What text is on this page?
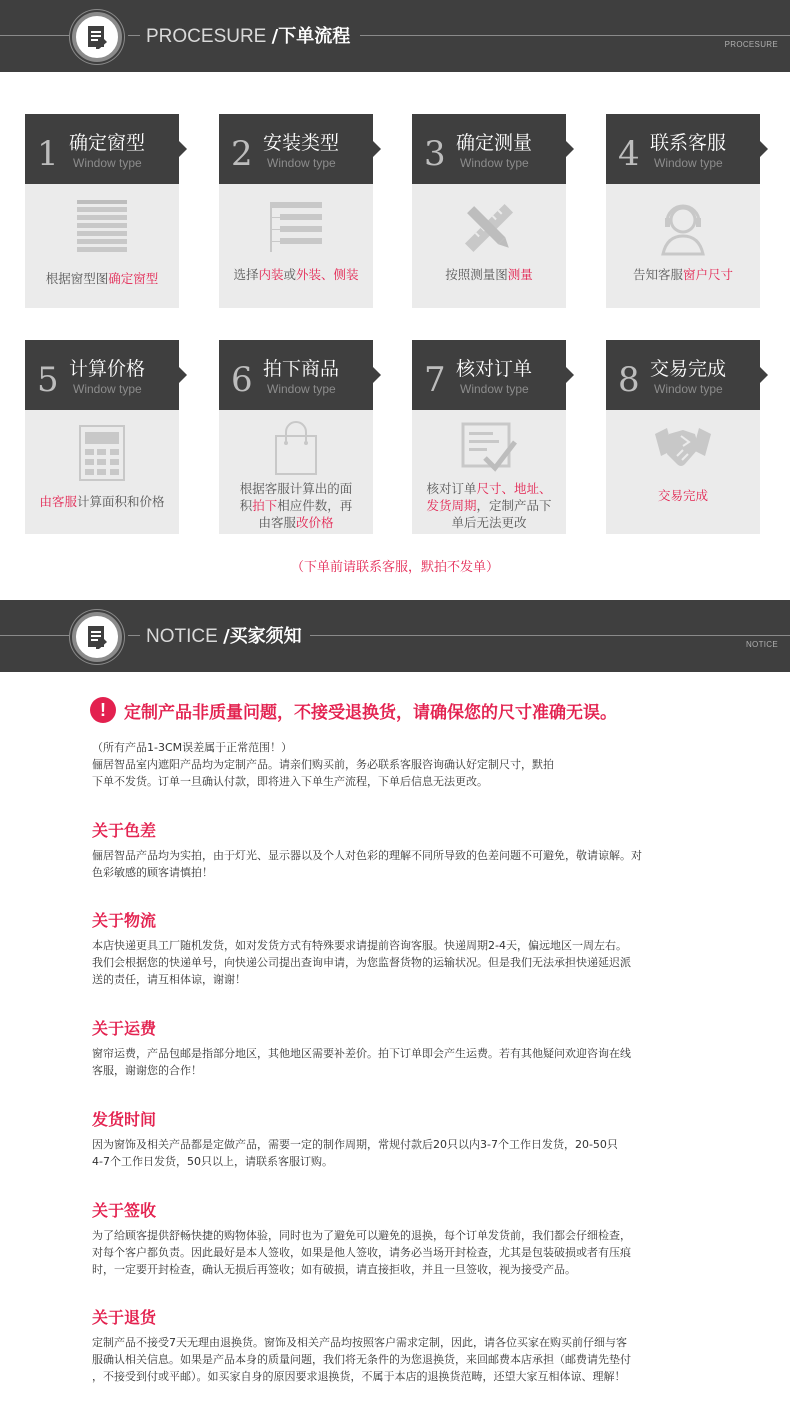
PROCESURE /下单流程	PROCESURE
1 确定窗型
Window type
根据窗型图确定窗型
2 安装类型
Window type
选择内装或外装、侧装
3 确定测量
Window type
按照测量图测量
4 联系客服
Window type
告知客服窗户尺寸
5 计算价格
Window type
由客服计算面积和价格
6 拍下商品
Window type
根据客服计算出的面
积拍下相应件数，再
由客服改价格
7 核对订单
Window type
核对订单尺寸、地址、
发货周期，定制产品下
单后无法更改
8 交易完成
Window type
交易完成
（下单前请联系客服，默拍不发单）
NOTICE /买家须知	NOTICE
!	定制产品非质量问题，不接受退换货，请确保您的尺寸准确无误。
（所有产品1-3CM误差属于正常范围！）
俪居智品室内遮阳产品均为定制产品。请亲们购买前，务必联系客服咨询确认好定制尺寸，默拍
下单不发货。订单一旦确认付款，即将进入下单生产流程，下单后信息无法更改。
关于色差
俪居智品产品均为实拍，由于灯光、显示器以及个人对色彩的理解不同所导致的色差问题不可避免，敬请谅解。对
色彩敏感的顾客请慎拍！
关于物流
本店快递更具工厂随机发货，如对发货方式有特殊要求请提前咨询客服。快递周期2-4天，偏远地区一周左右。
我们会根据您的快递单号，向快递公司提出查询申请，为您监督货物的运输状况。但是我们无法承担快递延迟派
送的责任，请互相体谅，谢谢！
关于运费
窗帘运费，产品包邮是指部分地区，其他地区需要补差价。拍下订单即会产生运费。若有其他疑问欢迎咨询在线
客服，谢谢您的合作！
发货时间
因为窗饰及相关产品都是定做产品，需要一定的制作周期，常规付款后20只以内3-7个工作日发货，20-50只
4-7个工作日发货，50只以上，请联系客服订购。
关于签收
为了给顾客提供舒畅快捷的购物体验，同时也为了避免可以避免的退换，每个订单发货前，我们都会仔细检查，
对每个客户都负责。因此最好是本人签收，如果是他人签收，请务必当场开封检查，尤其是包装破损或者有压痕
时，一定要开封检查，确认无损后再签收；如有破损，请直接拒收，并且一旦签收，视为接受产品。
关于退货
定制产品不接受7天无理由退换货。窗饰及相关产品均按照客户需求定制，因此，请各位买家在购买前仔细与客
服确认相关信息。如果是产品本身的质量问题，我们将无条件的为您退换货，来回邮费本店承担（邮费请先垫付
，不接受到付或平邮）。如买家自身的原因要求退换货，不属于本店的退换货范畴，还望大家互相体谅、理解！
